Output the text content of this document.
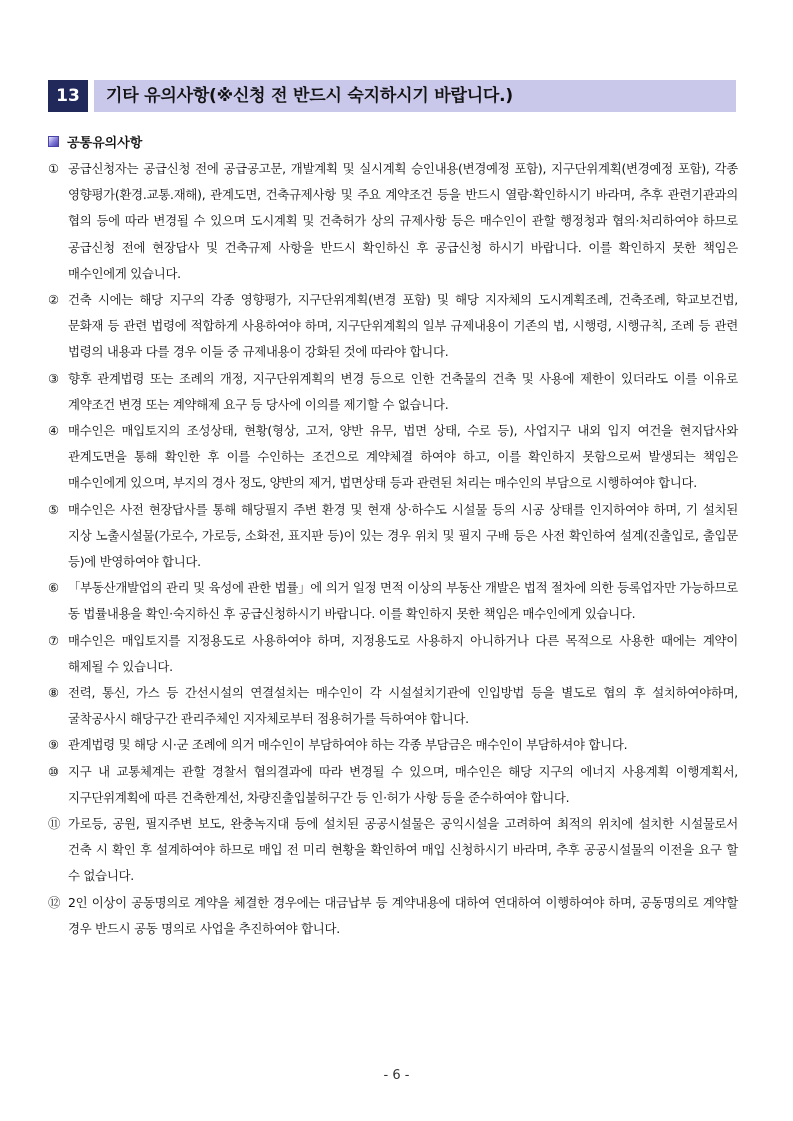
13	기타 유의사항(※신청 전 반드시 숙지하시기 바랍니다.)
공통유의사항
① 공급신청자는 공급신청 전에 공급공고문, 개발계획 및 실시계획 승인내용(변경예정 포함), 지구단위계획(변경예정 포함), 각종 영향평가(환경.교통.재해), 관계도면, 건축규제사항 및 주요 계약조건 등을 반드시 열람·확인하시기 바라며, 추후 관련기관과의 협의 등에 따라 변경될 수 있으며 도시계획 및 건축허가 상의 규제사항 등은 매수인이 관할 행정청과 협의·처리하여야 하므로 공급신청 전에 현장답사 및 건축규제 사항을 반드시 확인하신 후 공급신청 하시기 바랍니다. 이를 확인하지 못한 책임은 매수인에게 있습니다.
② 건축 시에는 해당 지구의 각종 영향평가, 지구단위계획(변경 포함) 및 해당 지자체의 도시계획조례, 건축조례, 학교보건법, 문화재 등 관련 법령에 적합하게 사용하여야 하며, 지구단위계획의 일부 규제내용이 기존의 법, 시행령, 시행규칙, 조례 등 관련 법령의 내용과 다를 경우 이들 중 규제내용이 강화된 것에 따라야 합니다.
③ 향후 관계법령 또는 조례의 개정, 지구단위계획의 변경 등으로 인한 건축물의 건축 및 사용에 제한이 있더라도 이를 이유로 계약조건 변경 또는 계약해제 요구 등 당사에 이의를 제기할 수 없습니다.
④ 매수인은 매입토지의 조성상태, 현황(형상, 고저, 양반 유무, 법면 상태, 수로 등), 사업지구 내외 입지 여건을 현지답사와 관계도면을 통해 확인한 후 이를 수인하는 조건으로 계약체결 하여야 하고, 이를 확인하지 못함으로써 발생되는 책임은 매수인에게 있으며, 부지의 경사 정도, 양반의 제거, 법면상태 등과 관련된 처리는 매수인의 부담으로 시행하여야 합니다.
⑤ 매수인은 사전 현장답사를 통해 해당필지 주변 환경 및 현재 상·하수도 시설물 등의 시공 상태를 인지하여야 하며, 기 설치된 지상 노출시설물(가로수, 가로등, 소화전, 표지판 등)이 있는 경우 위치 및 필지 구배 등은 사전 확인하여 설계(진출입로, 출입문 등)에 반영하여야 합니다.
⑥ 「부동산개발업의 관리 및 육성에 관한 법률」에 의거 일정 면적 이상의 부동산 개발은 법적 절차에 의한 등록업자만 가능하므로 동 법률내용을 확인·숙지하신 후 공급신청하시기 바랍니다. 이를 확인하지 못한 책임은 매수인에게 있습니다.
⑦ 매수인은 매입토지를 지정용도로 사용하여야 하며, 지정용도로 사용하지 아니하거나 다른 목적으로 사용한 때에는 계약이 해제될 수 있습니다.
⑧ 전력, 통신, 가스 등 간선시설의 연결설치는 매수인이 각 시설설치기관에 인입방법 등을 별도로 협의 후 설치하여야하며, 굴착공사시 해당구간 관리주체인 지자체로부터 점용허가를 득하여야 합니다.
⑨ 관계법령 및 해당 시·군 조례에 의거 매수인이 부담하여야 하는 각종 부담금은 매수인이 부담하셔야 합니다.
⑩ 지구 내 교통체계는 관할 경찰서 협의결과에 따라 변경될 수 있으며, 매수인은 해당 지구의 에너지 사용계획 이행계획서, 지구단위계획에 따른 건축한계선, 차량진출입불허구간 등 인·허가 사항 등을 준수하여야 합니다.
⑪ 가로등, 공원, 필지주변 보도, 완충녹지대 등에 설치된 공공시설물은 공익시설을 고려하여 최적의 위치에 설치한 시설물로서 건축 시 확인 후 설계하여야 하므로 매입 전 미리 현황을 확인하여 매입 신청하시기 바라며, 추후 공공시설물의 이전을 요구 할 수 없습니다.
⑫ 2인 이상이 공동명의로 계약을 체결한 경우에는 대금납부 등 계약내용에 대하여 연대하여 이행하여야 하며, 공동명의로 계약할 경우 반드시 공동 명의로 사업을 추진하여야 합니다.
- 6 -
